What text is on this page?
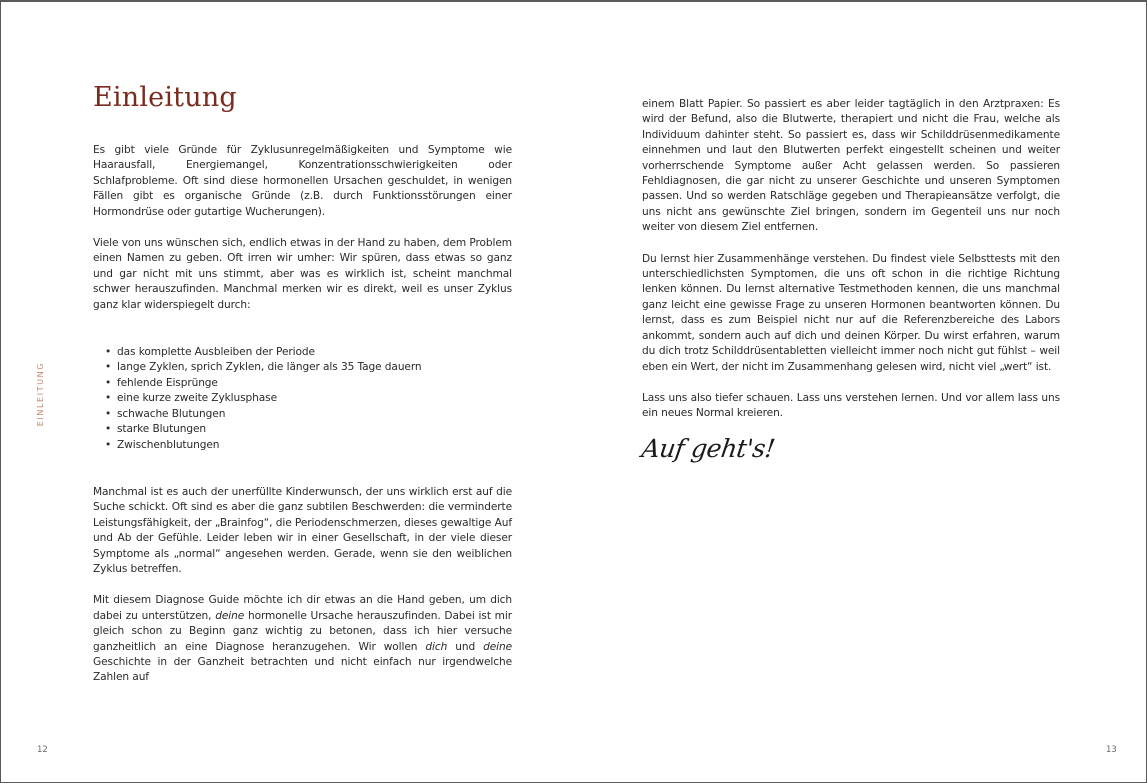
EINLEITUNG
Einleitung

Es gibt viele Gründe für Zyklusunregelmäßigkeiten und Symptome wie Haarausfall, Energiemangel, Konzentrationsschwierigkeiten oder Schlafprobleme. Oft sind diese hormonellen Ursachen geschuldet, in wenigen Fällen gibt es organische Gründe (z.B. durch Funktionsstörungen einer Hormondrüse oder gutartige Wucherungen).

Viele von uns wünschen sich, endlich etwas in der Hand zu haben, dem Problem einen Namen zu geben. Oft irren wir umher: Wir spüren, dass etwas so ganz und gar nicht mit uns stimmt, aber was es wirklich ist, scheint manchmal schwer herauszufinden. Manchmal merken wir es direkt, weil es unser Zyklus ganz klar widerspiegelt durch:

• das komplette Ausbleiben der Periode
• lange Zyklen, sprich Zyklen, die länger als 35 Tage dauern
• fehlende Eisprünge
• eine kurze zweite Zyklusphase
• schwache Blutungen
• starke Blutungen
• Zwischenblutungen

Manchmal ist es auch der unerfüllte Kinderwunsch, der uns wirklich erst auf die Suche schickt. Oft sind es aber die ganz subtilen Beschwerden: die verminderte Leistungsfähigkeit, der „Brainfog“, die Periodenschmerzen, dieses gewaltige Auf und Ab der Gefühle. Leider leben wir in einer Gesellschaft, in der viele dieser Symptome als „normal“ angesehen werden. Gerade, wenn sie den weiblichen Zyklus betreffen.

Mit diesem Diagnose Guide möchte ich dir etwas an die Hand geben, um dich dabei zu unterstützen, deine hormonelle Ursache herauszufinden. Dabei ist mir gleich schon zu Beginn ganz wichtig zu betonen, dass ich hier versuche ganzheitlich an eine Diagnose heranzugehen. Wir wollen dich und deine Geschichte in der Ganzheit betrachten und nicht einfach nur irgendwelche Zahlen auf

einem Blatt Papier. So passiert es aber leider tagtäglich in den Arztpraxen: Es wird der Befund, also die Blutwerte, therapiert und nicht die Frau, welche als Individuum dahinter steht. So passiert es, dass wir Schilddrüsenmedikamente einnehmen und laut den Blutwerten perfekt eingestellt scheinen und weiter vorherrschende Symptome außer Acht gelassen werden. So passieren Fehldiagnosen, die gar nicht zu unserer Geschichte und unseren Symptomen passen. Und so werden Ratschläge gegeben und Therapieansätze verfolgt, die uns nicht ans gewünschte Ziel bringen, sondern im Gegenteil uns nur noch weiter von diesem Ziel entfernen.

Du lernst hier Zusammenhänge verstehen. Du findest viele Selbsttests mit den unterschiedlichsten Symptomen, die uns oft schon in die richtige Richtung lenken können. Du lernst alternative Testmethoden kennen, die uns manchmal ganz leicht eine gewisse Frage zu unseren Hormonen beantworten können. Du lernst, dass es zum Beispiel nicht nur auf die Referenzbereiche des Labors ankommt, sondern auch auf dich und deinen Körper. Du wirst erfahren, warum du dich trotz Schilddrüsentabletten vielleicht immer noch nicht gut fühlst – weil eben ein Wert, der nicht im Zusammenhang gelesen wird, nicht viel „wert“ ist.

Lass uns also tiefer schauen. Lass uns verstehen lernen. Und vor allem lass uns ein neues Normal kreieren.

Auf geht's!
12	13
